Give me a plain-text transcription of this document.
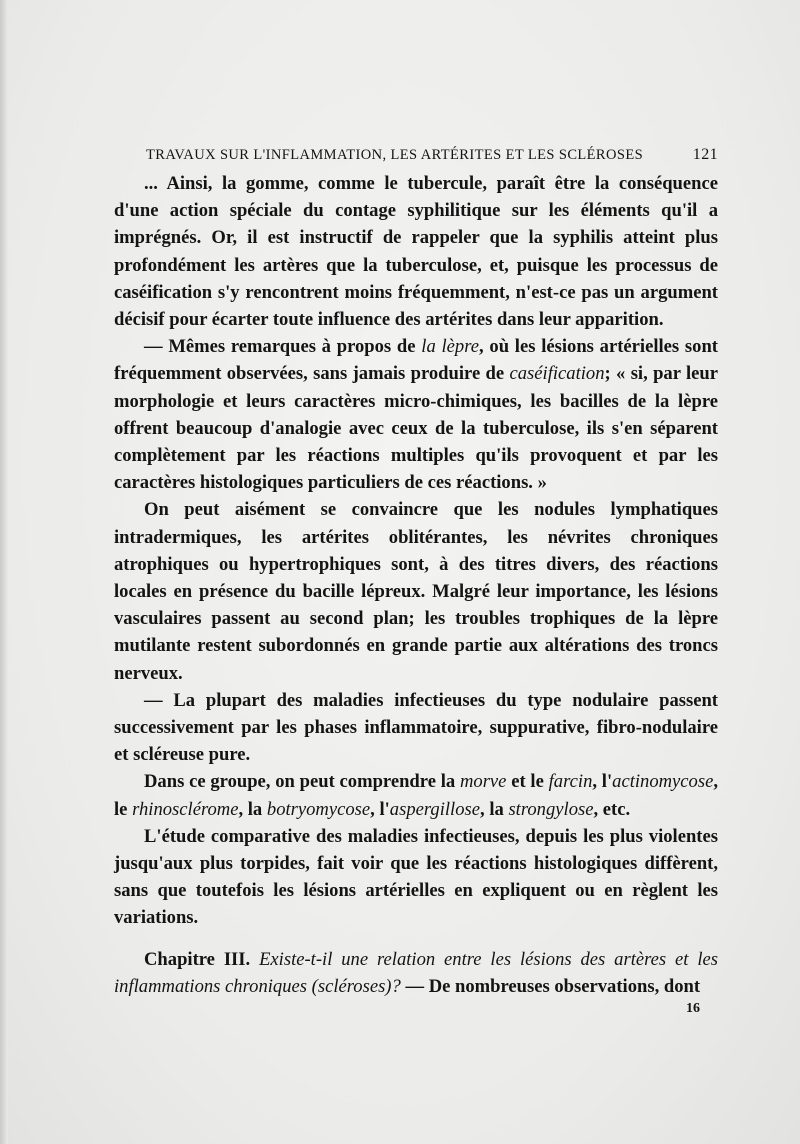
TRAVAUX SUR L'INFLAMMATION, LES ARTÉRITES ET LES SCLÉROSES	121

... Ainsi, la gomme, comme le tubercule, paraît être la conséquence d'une action spéciale du contage syphilitique sur les éléments qu'il a imprégnés. Or, il est instructif de rappeler que la syphilis atteint plus profondément les artères que la tuberculose, et, puisque les processus de caséification s'y rencontrent moins fréquemment, n'est-ce pas un argument décisif pour écarter toute influence des artérites dans leur apparition.

— Mêmes remarques à propos de la lèpre, où les lésions artérielles sont fréquemment observées, sans jamais produire de caséification; « si, par leur morphologie et leurs caractères micro-chimiques, les bacilles de la lèpre offrent beaucoup d'analogie avec ceux de la tuberculose, ils s'en séparent complètement par les réactions multiples qu'ils provoquent et par les caractères histologiques particuliers de ces réactions. »

On peut aisément se convaincre que les nodules lymphatiques intradermiques, les artérites oblitérantes, les névrites chroniques atrophiques ou hypertrophiques sont, à des titres divers, des réactions locales en présence du bacille lépreux. Malgré leur importance, les lésions vasculaires passent au second plan; les troubles trophiques de la lèpre mutilante restent subordonnés en grande partie aux altérations des troncs nerveux.

— La plupart des maladies infectieuses du type nodulaire passent successivement par les phases inflammatoire, suppurative, fibro-nodulaire et scléreuse pure.

Dans ce groupe, on peut comprendre la morve et le farcin, l'actinomycose, le rhinosclérome, la botryomycose, l'aspergillose, la strongylose, etc.

L'étude comparative des maladies infectieuses, depuis les plus violentes jusqu'aux plus torpides, fait voir que les réactions histologiques diffèrent, sans que toutefois les lésions artérielles en expliquent ou en règlent les variations.

Chapitre III. Existe-t-il une relation entre les lésions des artères et les inflammations chroniques (scléroses)? — De nombreuses observations, dont

16
